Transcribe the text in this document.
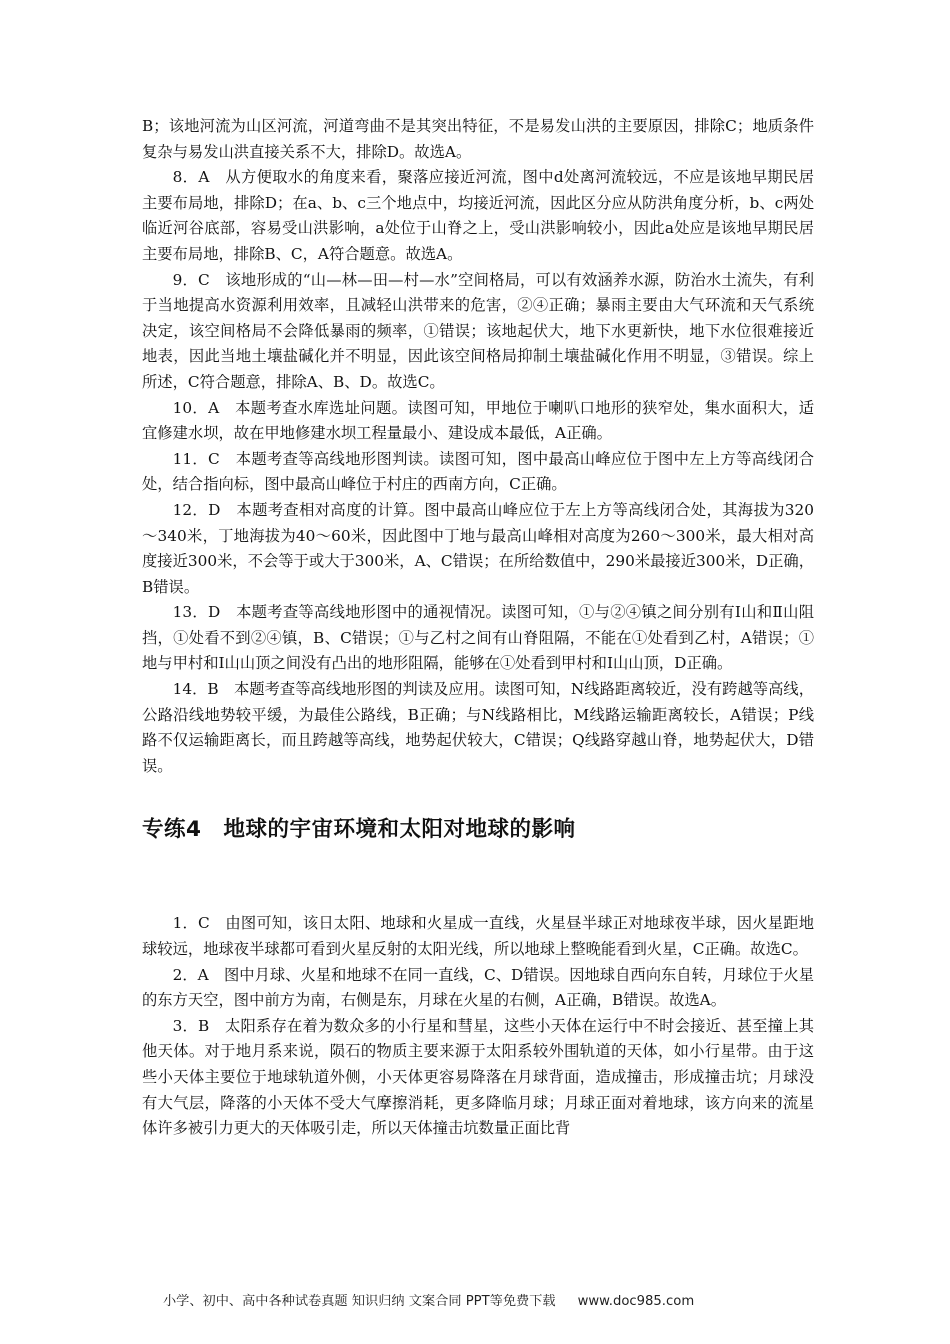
B；该地河流为山区河流，河道弯曲不是其突出特征，不是易发山洪的主要原因，排除C；地质条件复杂与易发山洪直接关系不大，排除D。故选A。

8．A　从方便取水的角度来看，聚落应接近河流，图中d处离河流较远，不应是该地早期民居主要布局地，排除D；在a、b、c三个地点中，均接近河流，因此区分应从防洪角度分析，b、c两处临近河谷底部，容易受山洪影响，a处位于山脊之上，受山洪影响较小，因此a处应是该地早期民居主要布局地，排除B、C，A符合题意。故选A。

9．C　该地形成的“山—林—田—村—水”空间格局，可以有效涵养水源，防治水土流失，有利于当地提高水资源利用效率，且减轻山洪带来的危害，②④正确；暴雨主要由大气环流和天气系统决定，该空间格局不会降低暴雨的频率，①错误；该地起伏大，地下水更新快，地下水位很难接近地表，因此当地土壤盐碱化并不明显，因此该空间格局抑制土壤盐碱化作用不明显，③错误。综上所述，C符合题意，排除A、B、D。故选C。

10．A　本题考查水库选址问题。读图可知，甲地位于喇叭口地形的狭窄处，集水面积大，适宜修建水坝，故在甲地修建水坝工程量最小、建设成本最低，A正确。

11．C　本题考查等高线地形图判读。读图可知，图中最高山峰应位于图中左上方等高线闭合处，结合指向标，图中最高山峰位于村庄的西南方向，C正确。

12．D　本题考查相对高度的计算。图中最高山峰应位于左上方等高线闭合处，其海拔为320～340米，丁地海拔为40～60米，因此图中丁地与最高山峰相对高度为260～300米，最大相对高度接近300米，不会等于或大于300米，A、C错误；在所给数值中，290米最接近300米，D正确，B错误。

13．D　本题考查等高线地形图中的通视情况。读图可知，①与②④镇之间分别有Ⅰ山和Ⅱ山阻挡，①处看不到②④镇，B、C错误；①与乙村之间有山脊阻隔，不能在①处看到乙村，A错误；①地与甲村和Ⅰ山山顶之间没有凸出的地形阻隔，能够在①处看到甲村和Ⅰ山山顶，D正确。

14．B　本题考查等高线地形图的判读及应用。读图可知，N线路距离较近，没有跨越等高线，公路沿线地势较平缓，为最佳公路线，B正确；与N线路相比，M线路运输距离较长，A错误；P线路不仅运输距离长，而且跨越等高线，地势起伏较大，C错误；Q线路穿越山脊，地势起伏大，D错误。

专练4　地球的宇宙环境和太阳对地球的影响

1．C　由图可知，该日太阳、地球和火星成一直线，火星昼半球正对地球夜半球，因火星距地球较远，地球夜半球都可看到火星反射的太阳光线，所以地球上整晚能看到火星，C正确。故选C。

2．A　图中月球、火星和地球不在同一直线，C、D错误。因地球自西向东自转，月球位于火星的东方天空，图中前方为南，右侧是东，月球在火星的右侧，A正确，B错误。故选A。

3．B　太阳系存在着为数众多的小行星和彗星，这些小天体在运行中不时会接近、甚至撞上其他天体。对于地月系来说，陨石的物质主要来源于太阳系较外围轨道的天体，如小行星带。由于这些小天体主要位于地球轨道外侧，小天体更容易降落在月球背面，造成撞击，形成撞击坑；月球没有大气层，降落的小天体不受大气摩擦消耗，更多降临月球；月球正面对着地球，该方向来的流星体许多被引力更大的天体吸引走，所以天体撞击坑数量正面比背

小学、初中、高中各种试卷真题 知识归纳 文案合同 PPT等免费下载 www.doc985.com
